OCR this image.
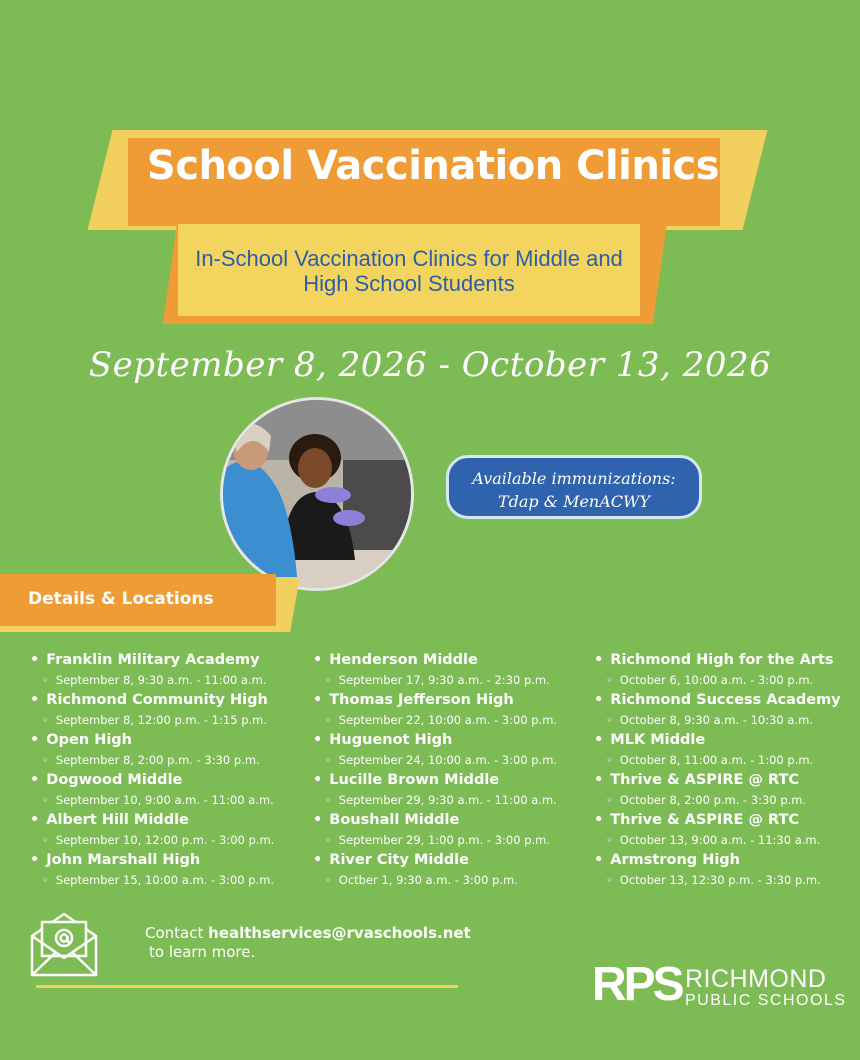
School Vaccination Clinics
In-School Vaccination Clinics for Middle and High School Students
September 8, 2026 - October 13, 2026
Available immunizations:
Tdap & MenACWY
Details & Locations
• Franklin Military Academy
◦ September 8, 9:30 a.m. - 11:00 a.m.
• Richmond Community High
◦ September 8, 12:00 p.m. - 1:15 p.m.
• Open High
◦ September 8, 2:00 p.m. - 3:30 p.m.
• Dogwood Middle
◦ September 10, 9:00 a.m. - 11:00 a.m.
• Albert Hill Middle
◦ September 10, 12:00 p.m. - 3:00 p.m.
• John Marshall High
◦ September 15, 10:00 a.m. - 3:00 p.m.
• Henderson Middle
◦ September 17, 9:30 a.m. - 2:30 p.m.
• Thomas Jefferson High
◦ September 22, 10:00 a.m. - 3:00 p.m.
• Huguenot High
◦ September 24, 10:00 a.m. - 3:00 p.m.
• Lucille Brown Middle
◦ September 29, 9:30 a.m. - 11:00 a.m.
• Boushall Middle
◦ September 29, 1:00 p.m. - 3:00 p.m.
• River City Middle
◦ Octber 1, 9:30 a.m. - 3:00 p.m.
• Richmond High for the Arts
◦ October 6, 10:00 a.m. - 3:00 p.m.
• Richmond Success Academy
◦ October 8, 9:30 a.m. - 10:30 a.m.
• MLK Middle
◦ October 8, 11:00 a.m. - 1:00 p.m.
• Thrive & ASPIRE @ RTC
◦ October 8, 2:00 p.m. - 3:30 p.m.
• Thrive & ASPIRE @ RTC
◦ October 13, 9:00 a.m. - 11:30 a.m.
• Armstrong High
◦ October 13, 12:30 p.m. - 3:30 p.m.
Contact healthservices@rvaschools.net
to learn more.
RPS RICHMOND
PUBLIC SCHOOLS
